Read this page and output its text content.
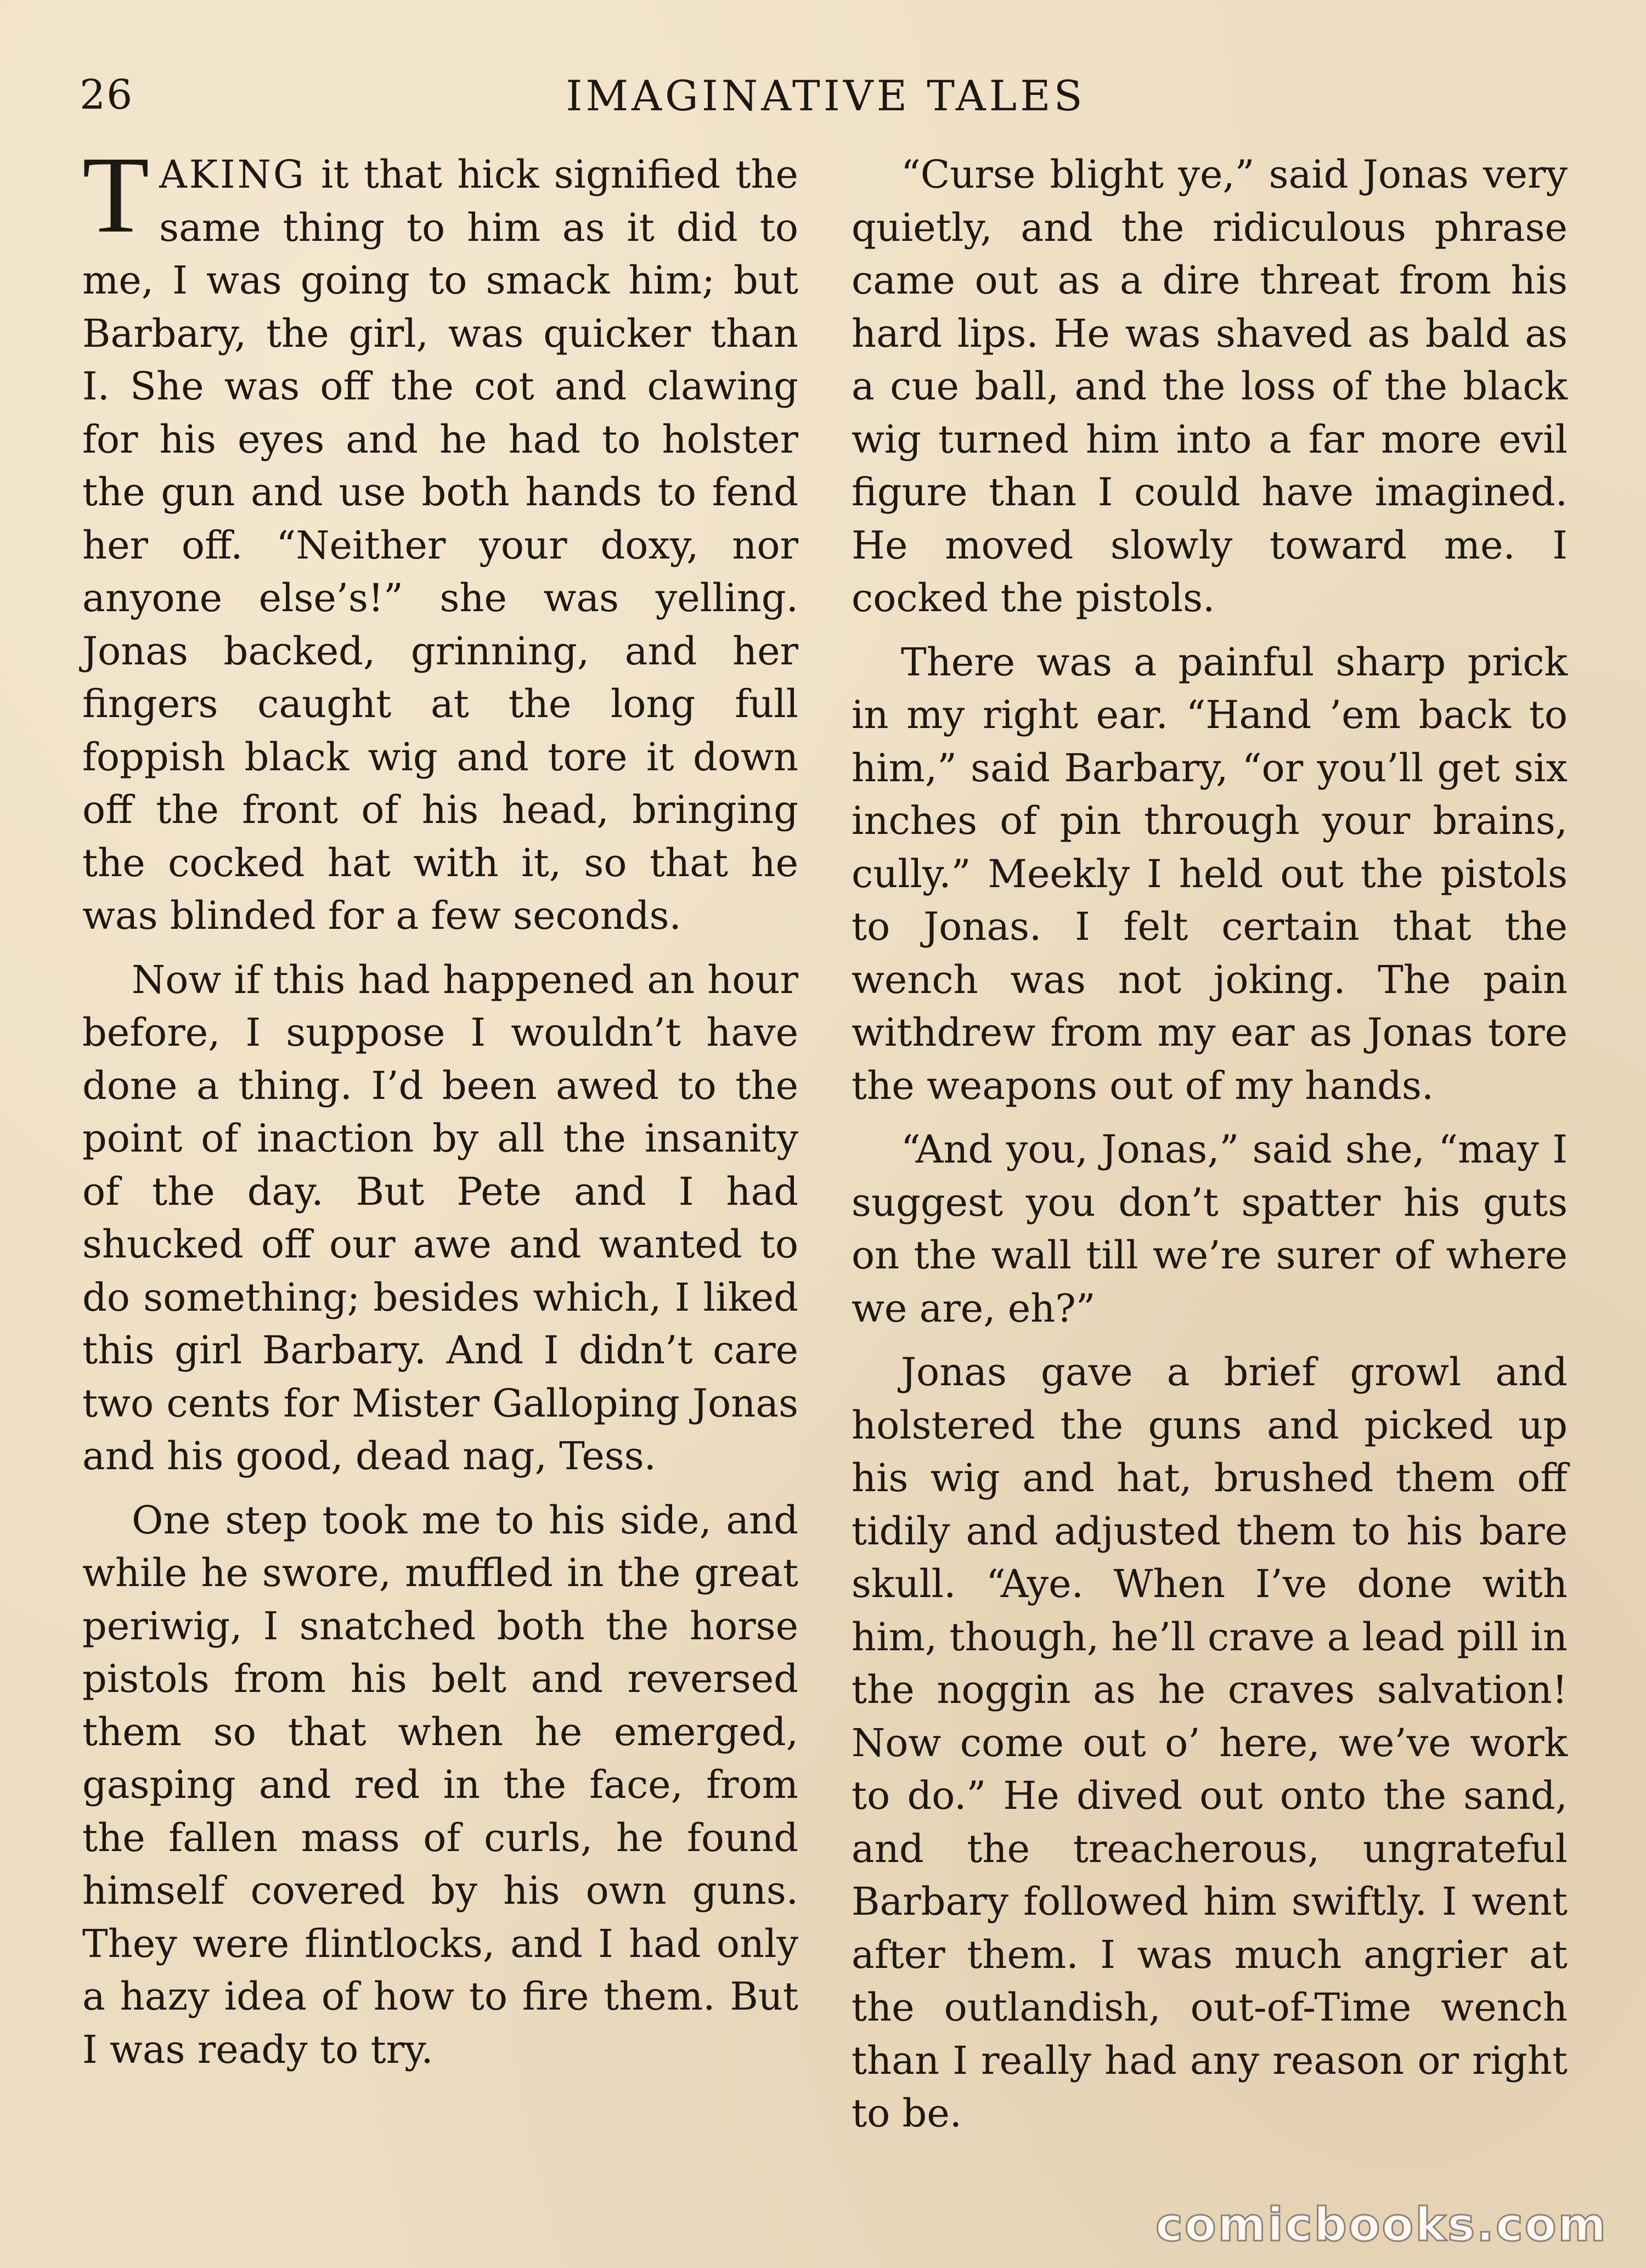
26	IMAGINATIVE TALES

TAKING it that hick signified the same thing to him as it did to me, I was going to smack him; but Barbary, the girl, was quicker than I. She was off the cot and clawing for his eyes and he had to holster the gun and use both hands to fend her off. “Neither your doxy, nor anyone else’s!” she was yelling. Jonas backed, grinning, and her fingers caught at the long full foppish black wig and tore it down off the front of his head, bringing the cocked hat with it, so that he was blinded for a few seconds.

Now if this had happened an hour before, I suppose I wouldn’t have done a thing. I’d been awed to the point of inaction by all the insanity of the day. But Pete and I had shucked off our awe and wanted to do something; besides which, I liked this girl Barbary. And I didn’t care two cents for Mister Galloping Jonas and his good, dead nag, Tess.

One step took me to his side, and while he swore, muffled in the great periwig, I snatched both the horse pistols from his belt and reversed them so that when he emerged, gasping and red in the face, from the fallen mass of curls, he found himself covered by his own guns. They were flintlocks, and I had only a hazy idea of how to fire them. But I was ready to try.

“Curse blight ye,” said Jonas very quietly, and the ridiculous phrase came out as a dire threat from his hard lips. He was shaved as bald as a cue ball, and the loss of the black wig turned him into a far more evil figure than I could have imagined. He moved slowly toward me. I cocked the pistols.

There was a painful sharp prick in my right ear. “Hand ’em back to him,” said Barbary, “or you’ll get six inches of pin through your brains, cully.” Meekly I held out the pistols to Jonas. I felt certain that the wench was not joking. The pain withdrew from my ear as Jonas tore the weapons out of my hands.

“And you, Jonas,” said she, “may I suggest you don’t spatter his guts on the wall till we’re surer of where we are, eh?”

Jonas gave a brief growl and holstered the guns and picked up his wig and hat, brushed them off tidily and adjusted them to his bare skull. “Aye. When I’ve done with him, though, he’ll crave a lead pill in the noggin as he craves salvation! Now come out o’ here, we’ve work to do.” He dived out onto the sand, and the treacherous, ungrateful Barbary followed him swiftly. I went after them. I was much angrier at the outlandish, out-of-Time wench than I really had any reason or right to be.

comicbooks.com
